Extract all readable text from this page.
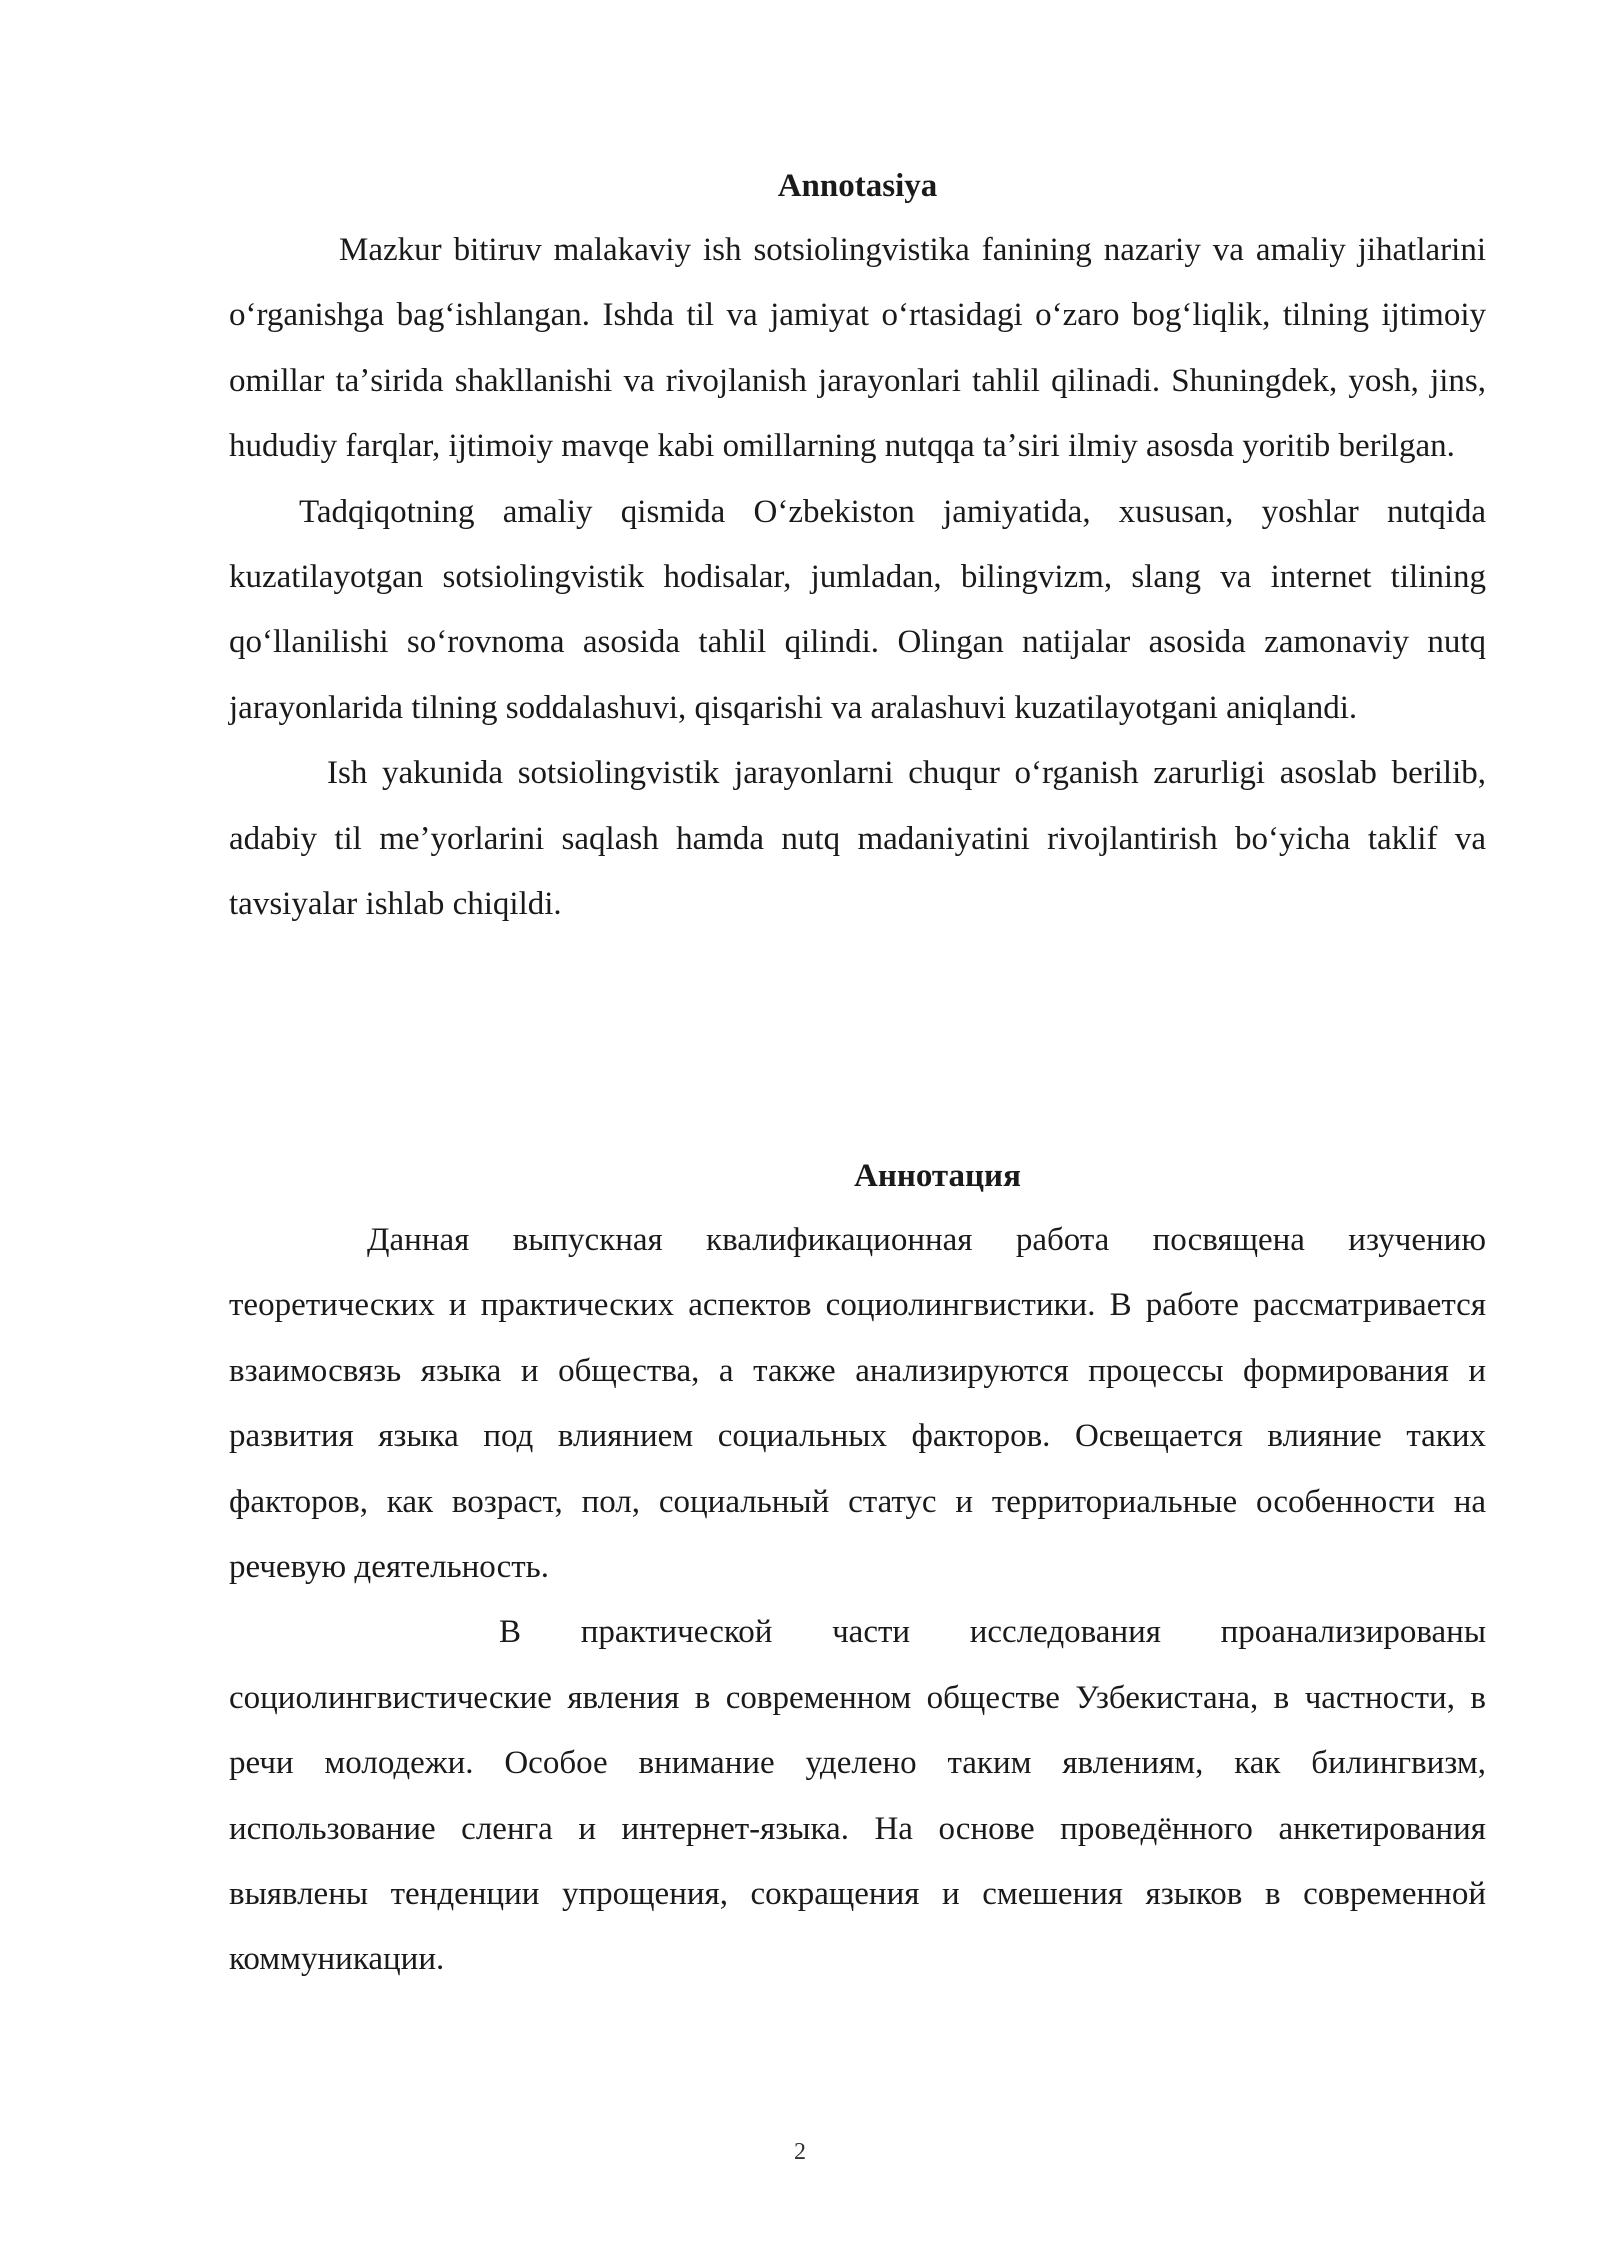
Annotasiya

Mazkur bitiruv malakaviy ish sotsiolingvistika fanining nazariy va amaliy jihatlarini oʻrganishga bagʻishlangan. Ishda til va jamiyat oʻrtasidagi oʻzaro bogʻliqlik, tilning ijtimoiy omillar taʼsirida shakllanishi va rivojlanish jarayonlari tahlil qilinadi. Shuningdek, yosh, jins, hududiy farqlar, ijtimoiy mavqe kabi omillarning nutqqa taʼsiri ilmiy asosda yoritib berilgan.

Tadqiqotning amaliy qismida Oʻzbekiston jamiyatida, xususan, yoshlar nutqida kuzatilayotgan sotsiolingvistik hodisalar, jumladan, bilingvizm, slang va internet tilining qoʻllanilishi soʻrovnoma asosida tahlil qilindi. Olingan natijalar asosida zamonaviy nutq jarayonlarida tilning soddalashuvi, qisqarishi va aralashuvi kuzatilayotgani aniqlandi.

Ish yakunida sotsiolingvistik jarayonlarni chuqur oʻrganish zarurligi asoslab berilib, adabiy til meʼyorlarini saqlash hamda nutq madaniyatini rivojlantirish boʻyicha taklif va tavsiyalar ishlab chiqildi.

Аннотация

Данная выпускная квалификационная работа посвящена изучению теоретических и практических аспектов социолингвистики. В работе рассматривается взаимосвязь языка и общества, а также анализируются процессы формирования и развития языка под влиянием социальных факторов. Освещается влияние таких факторов, как возраст, пол, социальный статус и территориальные особенности на речевую деятельность.

В практической части исследования проанализированы социолингвистические явления в современном обществе Узбекистана, в частности, в речи молодежи. Особое внимание уделено таким явлениям, как билингвизм, использование сленга и интернет-языка. На основе проведённого анкетирования выявлены тенденции упрощения, сокращения и смешения языков в современной коммуникации.

2
